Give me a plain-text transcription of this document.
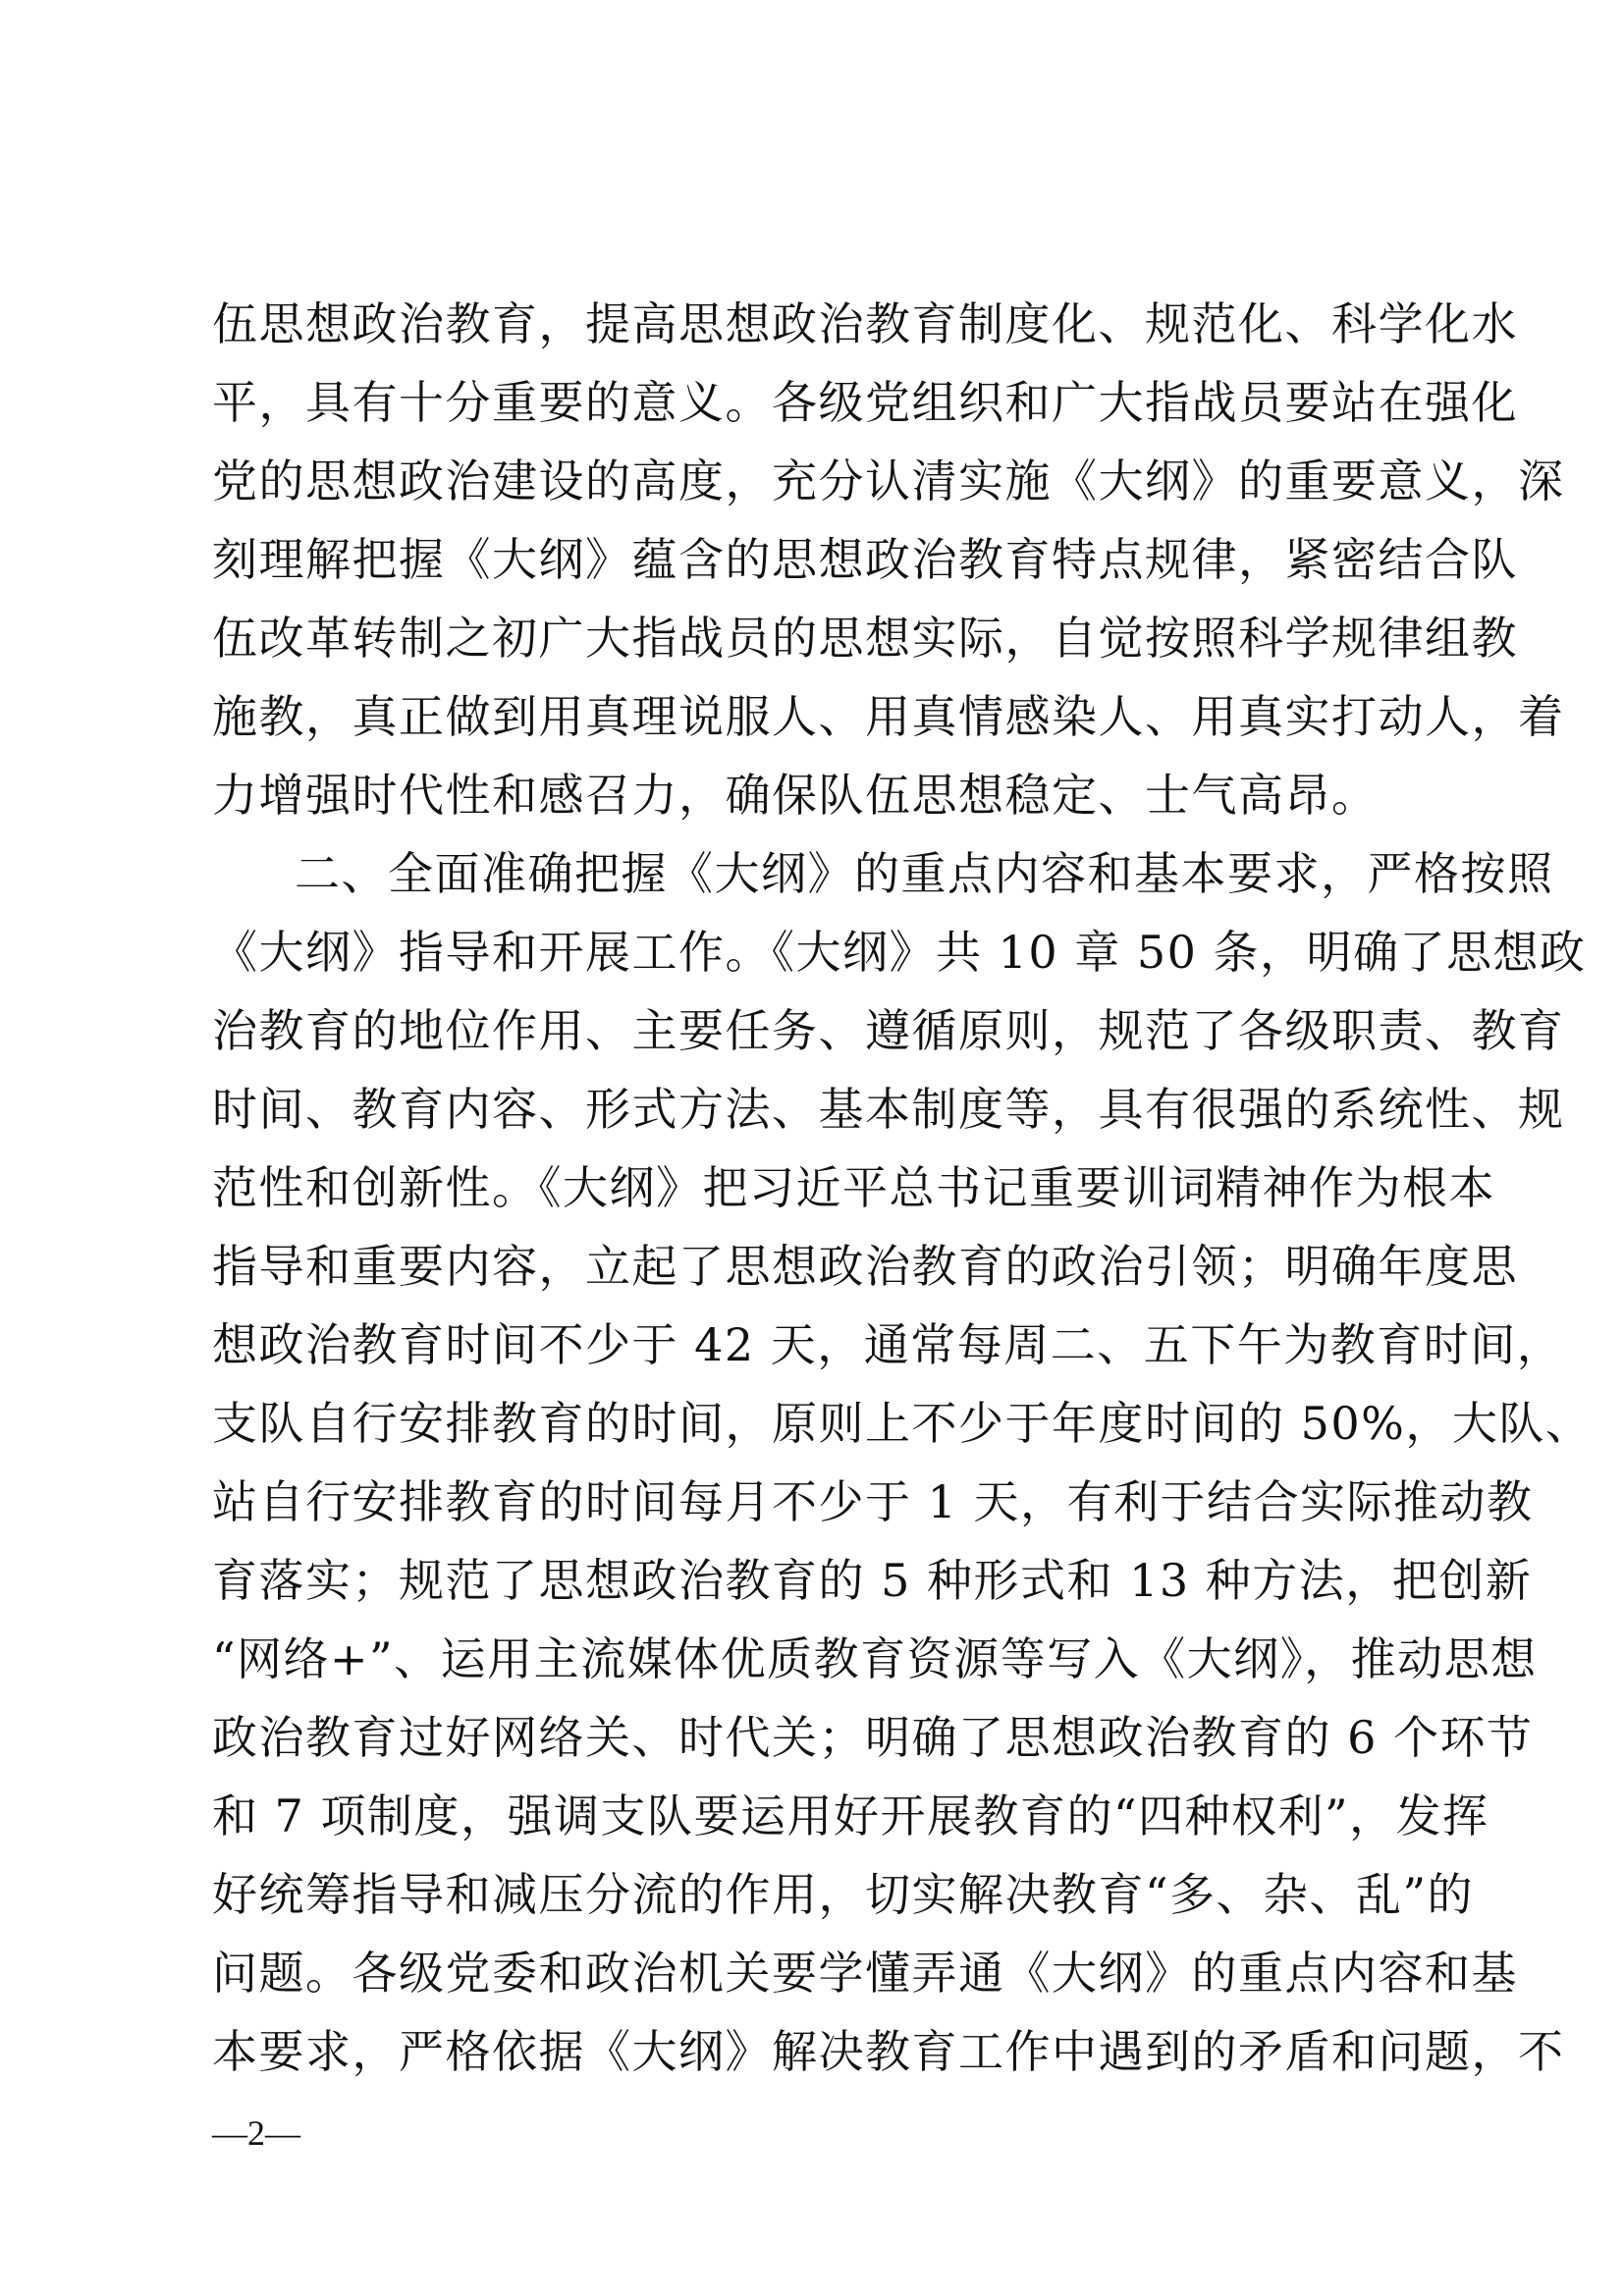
伍思想政治教育，提高思想政治教育制度化、规范化、科学化水
平，具有十分重要的意义。各级党组织和广大指战员要站在强化
党的思想政治建设的高度，充分认清实施《大纲》的重要意义，深
刻理解把握《大纲》蕴含的思想政治教育特点规律，紧密结合队
伍改革转制之初广大指战员的思想实际，自觉按照科学规律组教
施教，真正做到用真理说服人、用真情感染人、用真实打动人，着
力增强时代性和感召力，确保队伍思想稳定、士气高昂。
二、全面准确把握《大纲》的重点内容和基本要求，严格按照
《大纲》指导和开展工作。《大纲》共 10 章 50 条，明确了思想政
治教育的地位作用、主要任务、遵循原则，规范了各级职责、教育
时间、教育内容、形式方法、基本制度等，具有很强的系统性、规
范性和创新性。《大纲》把习近平总书记重要训词精神作为根本
指导和重要内容，立起了思想政治教育的政治引领；明确年度思
想政治教育时间不少于 42 天，通常每周二、五下午为教育时间，
支队自行安排教育的时间，原则上不少于年度时间的 50%，大队、
站自行安排教育的时间每月不少于 1 天，有利于结合实际推动教
育落实；规范了思想政治教育的 5 种形式和 13 种方法，把创新
“网络+”、运用主流媒体优质教育资源等写入《大纲》，推动思想
政治教育过好网络关、时代关；明确了思想政治教育的 6 个环节
和 7 项制度，强调支队要运用好开展教育的“四种权利”，发挥
好统筹指导和减压分流的作用，切实解决教育“多、杂、乱”的
问题。各级党委和政治机关要学懂弄通《大纲》的重点内容和基
本要求，严格依据《大纲》解决教育工作中遇到的矛盾和问题，不
—2—
